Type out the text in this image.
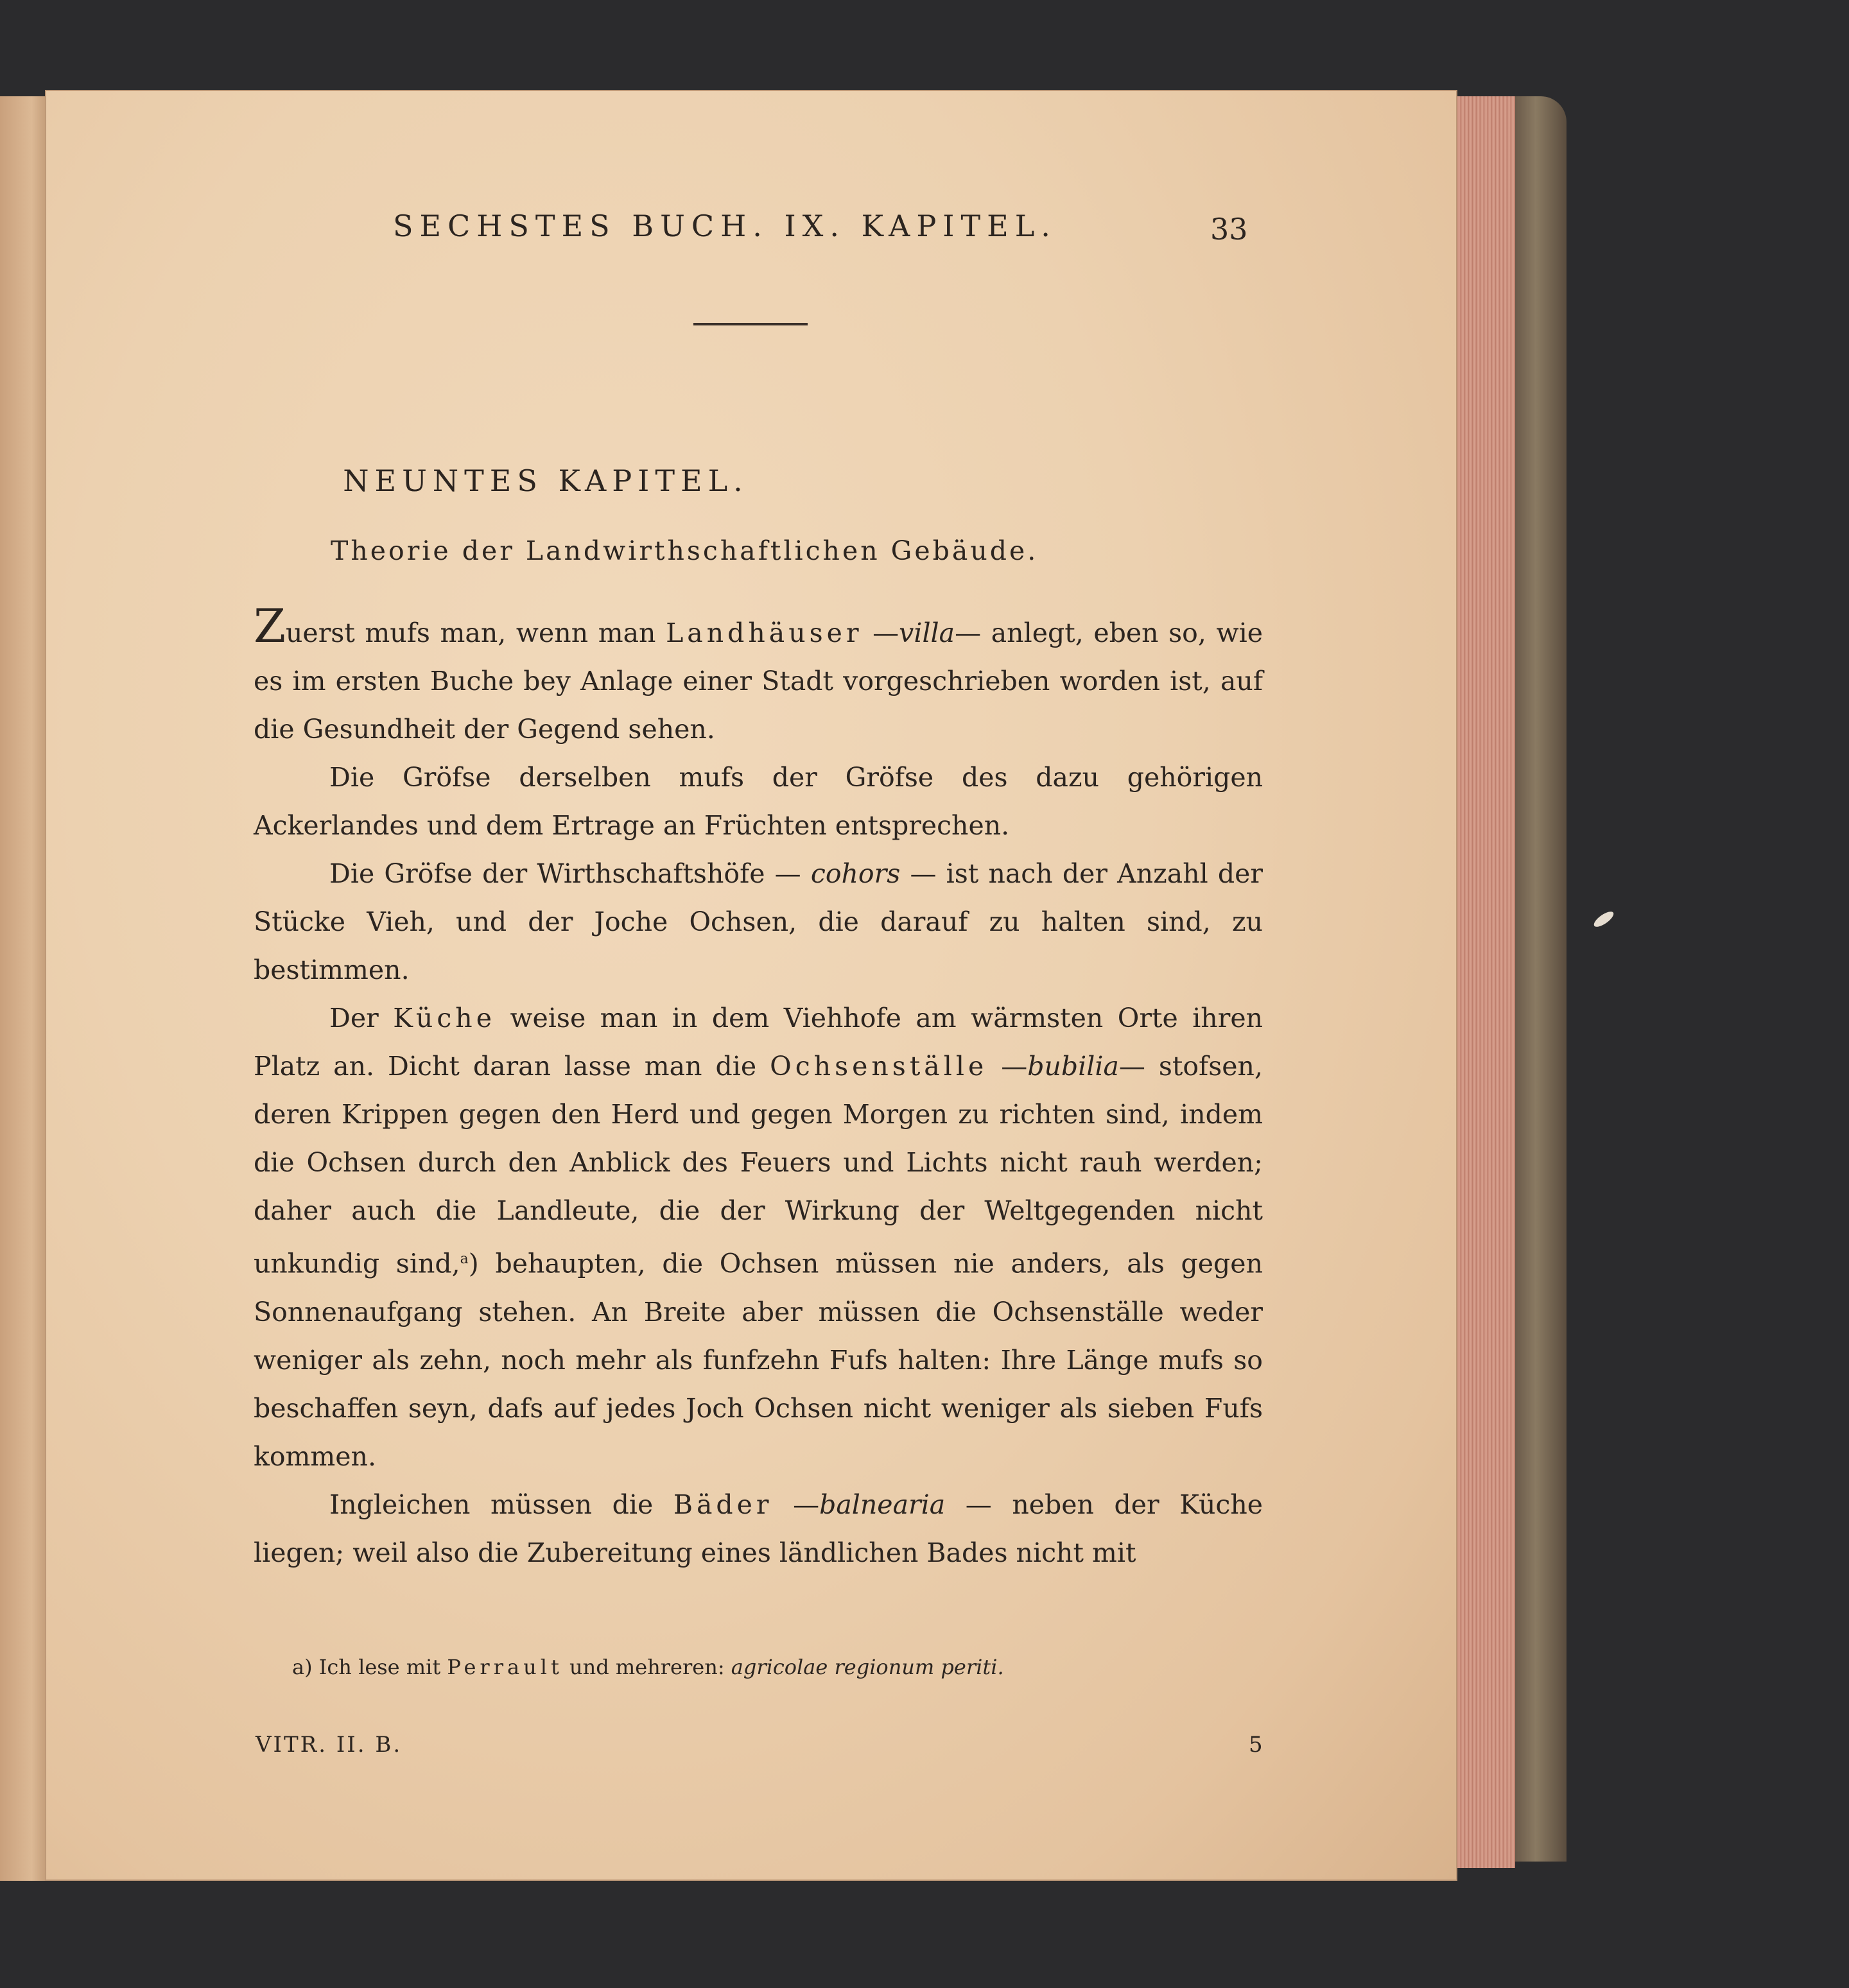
SECHSTES BUCH. IX. KAPITEL.	33
NEUNTES KAPITEL.
Theorie der Landwirthschaftlichen Gebäude.

Zuerst mufs man, wenn man Landhäuser —villa— anlegt, eben so, wie es im ersten Buche bey Anlage einer Stadt vorgeschrieben worden ist, auf die Gesundheit der Gegend sehen.

Die Gröfse derselben mufs der Gröfse des dazu gehörigen Ackerlandes und dem Ertrage an Früchten entsprechen.

Die Gröfse der Wirthschaftshöfe — cohors — ist nach der Anzahl der Stücke Vieh, und der Joche Ochsen, die darauf zu halten sind, zu bestimmen.

Der Küche weise man in dem Viehhofe am wärmsten Orte ihren Platz an. Dicht daran lasse man die Ochsenställe —bubilia— stofsen, deren Krippen gegen den Herd und gegen Morgen zu richten sind, indem die Ochsen durch den Anblick des Feuers und Lichts nicht rauh werden; daher auch die Landleute, die der Wirkung der Weltgegenden nicht unkundig sind,$^a$) behaupten, die Ochsen müssen nie anders, als gegen Sonnenaufgang stehen. An Breite aber müssen die Ochsenställe weder weniger als zehn, noch mehr als funfzehn Fufs halten: Ihre Länge mufs so beschaffen seyn, dafs auf jedes Joch Ochsen nicht weniger als sieben Fufs kommen.

Ingleichen müssen die Bäder —balnearia — neben der Küche liegen; weil also die Zubereitung eines ländlichen Bades nicht mit

a) Ich lese mit Perrault und mehreren: agricolae regionum periti.
VITR. II. B.	5
